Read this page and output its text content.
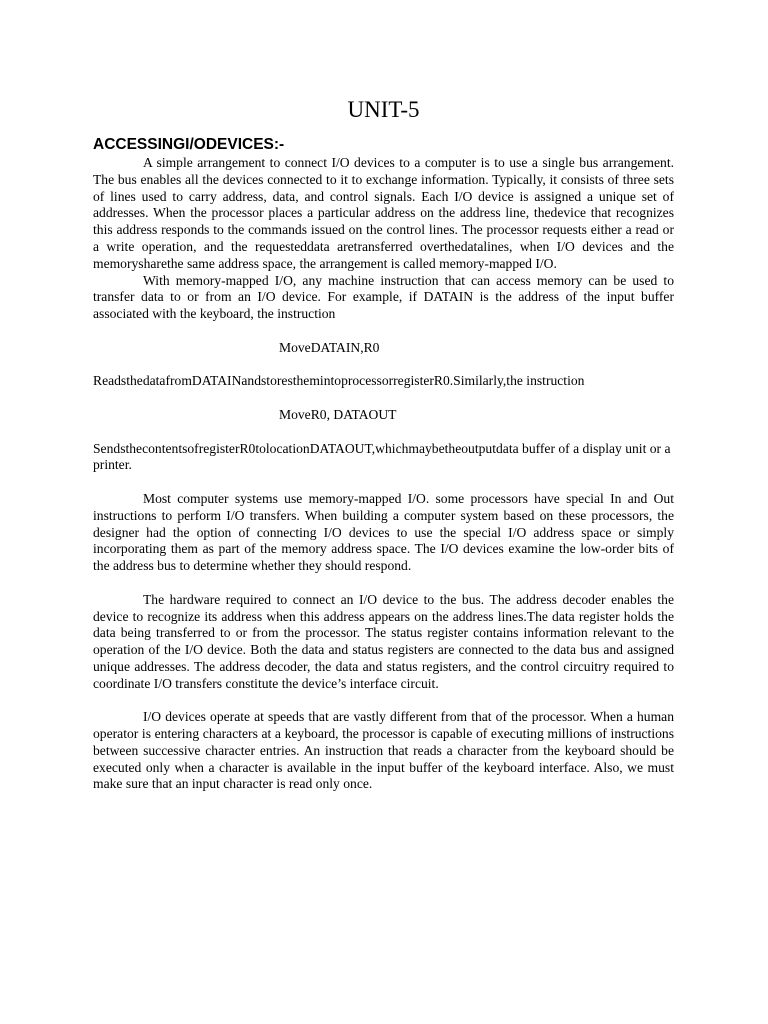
UNIT-5
ACCESSINGI/ODEVICES:-

A simple arrangement to connect I/O devices to a computer is to use a single bus arrangement. The bus enables all the devices connected to it to exchange information. Typically, it consists of three sets of lines used to carry address, data, and control signals. Each I/O device is assigned a unique set of addresses. When the processor places a particular address on the address line, thedevice that recognizes this address responds to the commands issued on the control lines. The processor requests either a read or a write operation, and the requesteddata aretransferred overthedatalines, when I/O devices and the memorysharethe same address space, the arrangement is called memory-mapped I/O.

With memory-mapped I/O, any machine instruction that can access memory can be used to transfer data to or from an I/O device. For example, if DATAIN is the address of the input buffer associated with the keyboard, the instruction

MoveDATAIN,R0

ReadsthedatafromDATAINandstoresthemintoprocessorregisterR0.Similarly,the instruction

MoveR0, DATAOUT

SendsthecontentsofregisterR0tolocationDATAOUT,whichmaybetheoutputdata buffer of a display unit or a printer.

Most computer systems use memory-mapped I/O. some processors have special In and Out instructions to perform I/O transfers. When building a computer system based on these processors, the designer had the option of connecting I/O devices to use the special I/O address space or simply incorporating them as part of the memory address space. The I/O devices examine the low-order bits of the address bus to determine whether they should respond.

The hardware required to connect an I/O device to the bus. The address decoder enables the device to recognize its address when this address appears on the address lines.The data register holds the data being transferred to or from the processor. The status register contains information relevant to the operation of the I/O device. Both the data and status registers are connected to the data bus and assigned unique addresses. The address decoder, the data and status registers, and the control circuitry required to coordinate I/O transfers constitute the device’s interface circuit.

I/O devices operate at speeds that are vastly different from that of the processor. When a human operator is entering characters at a keyboard, the processor is capable of executing millions of instructions between successive character entries. An instruction that reads a character from the keyboard should be executed only when a character is available in the input buffer of the keyboard interface. Also, we must make sure that an input character is read only once.
